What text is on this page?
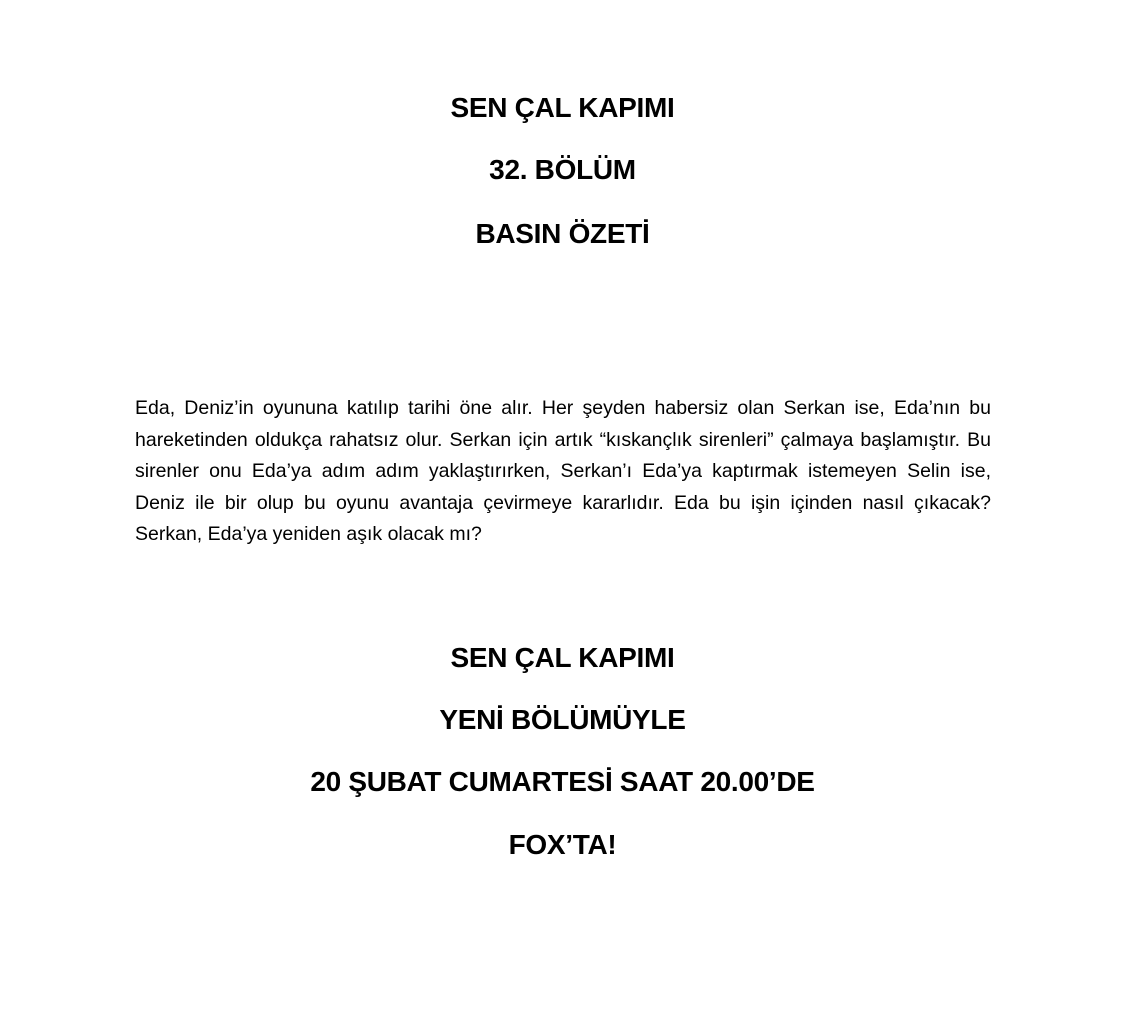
SEN ÇAL KAPIMI
32. BÖLÜM
BASIN ÖZETİ

Eda, Deniz’in oyununa katılıp tarihi öne alır. Her şeyden habersiz olan Serkan ise, Eda’nın bu hareketinden oldukça rahatsız olur. Serkan için artık “kıskançlık sirenleri” çalmaya başlamıştır. Bu sirenler onu Eda’ya adım adım yaklaştırırken, Serkan’ı Eda’ya kaptırmak istemeyen Selin ise, Deniz ile bir olup bu oyunu avantaja çevirmeye kararlıdır. Eda bu işin içinden nasıl çıkacak? Serkan, Eda’ya yeniden aşık olacak mı?

SEN ÇAL KAPIMI
YENİ BÖLÜMÜYLE
20 ŞUBAT CUMARTESİ SAAT 20.00’DE
FOX’TA!
